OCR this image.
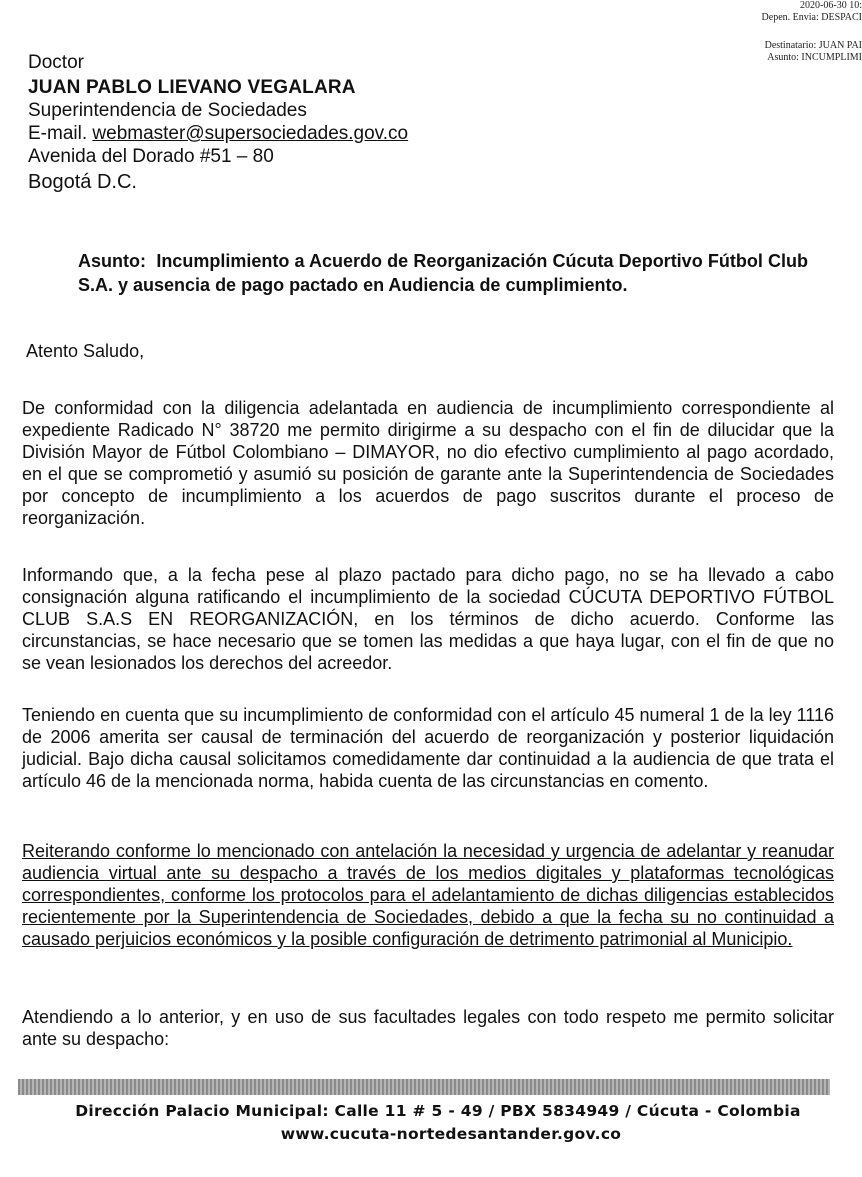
2020-06-30 10:
Depen. Envia: DESPACI
Destinatario: JUAN PAI
Asunto: INCUMPLIMI
Doctor
JUAN PABLO LIEVANO VEGALARA
Superintendencia de Sociedades
E-mail. webmaster@supersociedades.gov.co
Avenida del Dorado #51 – 80
Bogotá D.C.
Asunto: Incumplimiento a Acuerdo de Reorganización Cúcuta Deportivo Fútbol Club S.A. y ausencia de pago pactado en Audiencia de cumplimiento.
Atento Saludo,
De conformidad con la diligencia adelantada en audiencia de incumplimiento correspondiente al expediente Radicado N° 38720 me permito dirigirme a su despacho con el fin de dilucidar que la División Mayor de Fútbol Colombiano – DIMAYOR, no dio efectivo cumplimiento al pago acordado, en el que se comprometió y asumió su posición de garante ante la Superintendencia de Sociedades por concepto de incumplimiento a los acuerdos de pago suscritos durante el proceso de reorganización.
Informando que, a la fecha pese al plazo pactado para dicho pago, no se ha llevado a cabo consignación alguna ratificando el incumplimiento de la sociedad CÚCUTA DEPORTIVO FÚTBOL CLUB S.A.S EN REORGANIZACIÓN, en los términos de dicho acuerdo. Conforme las circunstancias, se hace necesario que se tomen las medidas a que haya lugar, con el fin de que no se vean lesionados los derechos del acreedor.
Teniendo en cuenta que su incumplimiento de conformidad con el artículo 45 numeral 1 de la ley 1116 de 2006 amerita ser causal de terminación del acuerdo de reorganización y posterior liquidación judicial. Bajo dicha causal solicitamos comedidamente dar continuidad a la audiencia de que trata el artículo 46 de la mencionada norma, habida cuenta de las circunstancias en comento.
Reiterando conforme lo mencionado con antelación la necesidad y urgencia de adelantar y reanudar audiencia virtual ante su despacho a través de los medios digitales y plataformas tecnológicas correspondientes, conforme los protocolos para el adelantamiento de dichas diligencias establecidos recientemente por la Superintendencia de Sociedades, debido a que la fecha su no continuidad a causado perjuicios económicos y la posible configuración de detrimento patrimonial al Municipio.
Atendiendo a lo anterior, y en uso de sus facultades legales con todo respeto me permito solicitar ante su despacho:
Dirección Palacio Municipal: Calle 11 # 5 - 49 / PBX 5834949 / Cúcuta - Colombia
www.cucuta-nortedesantander.gov.co
